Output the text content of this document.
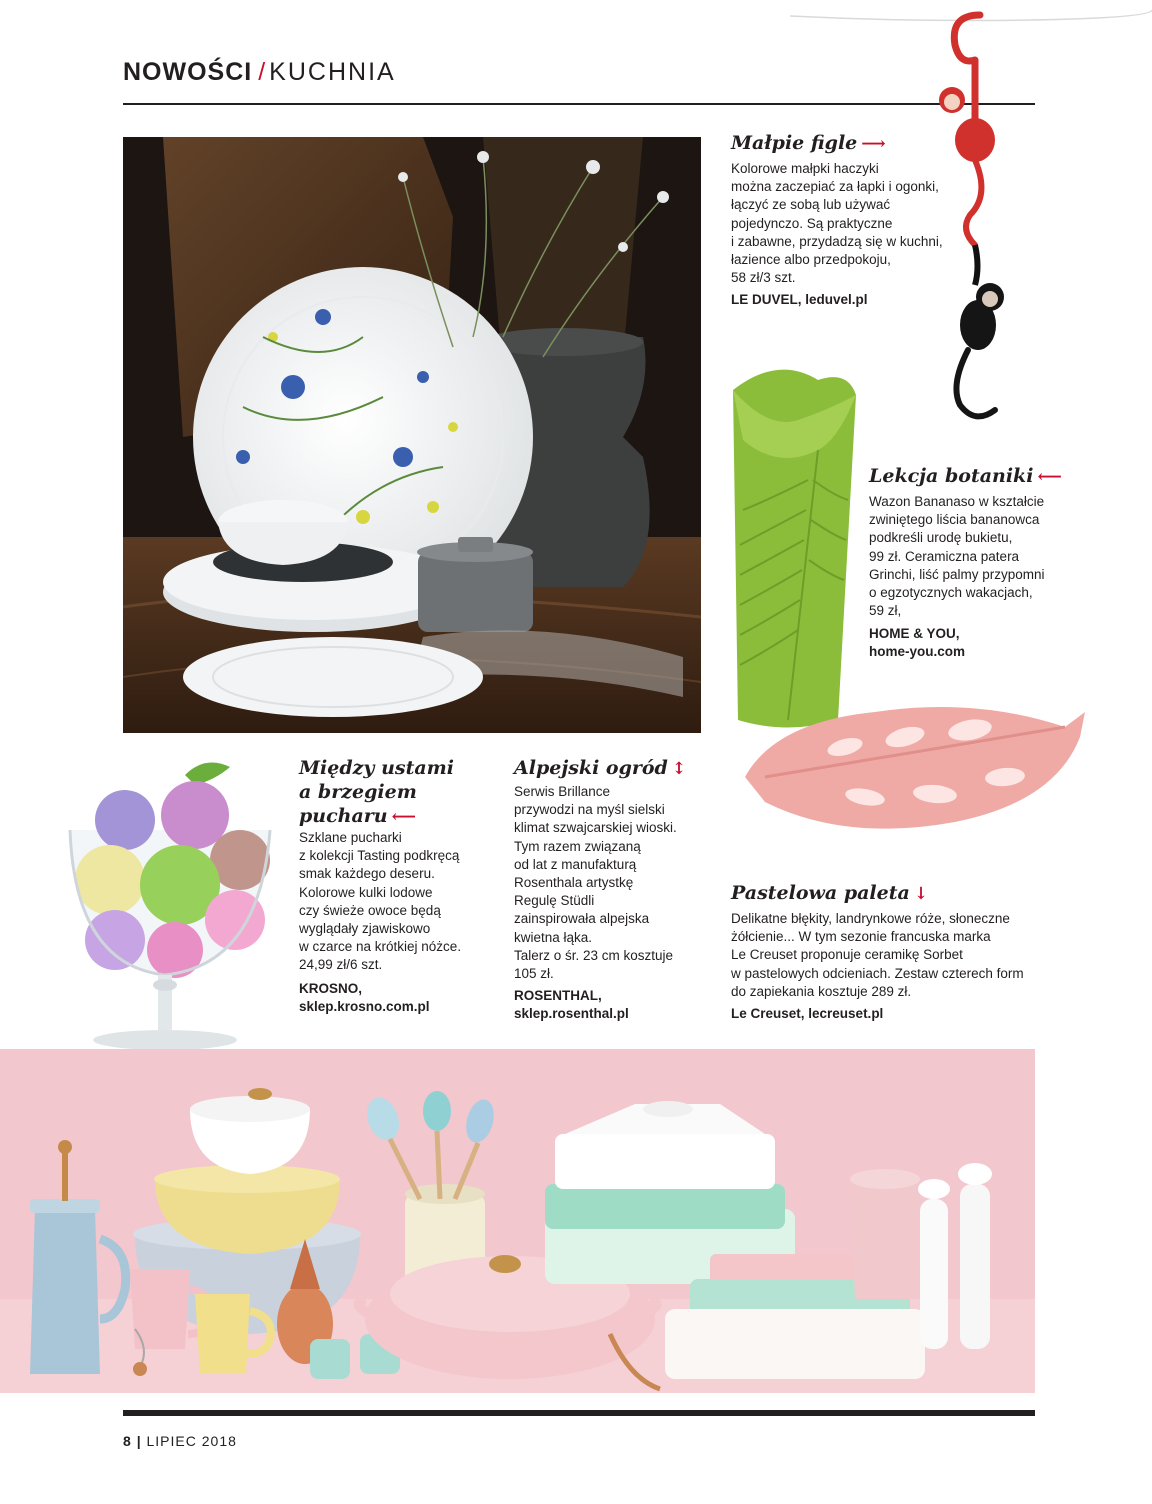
NOWOŚCI / KUCHNIA
Małpie figle ⟶
Kolorowe małpki haczyki
można zaczepiać za łapki i ogonki,
łączyć ze sobą lub używać
pojedynczo. Są praktyczne
i zabawne, przydadzą się w kuchni,
łazience albo przedpokoju,
58 zł/3 szt.
LE DUVEL, leduvel.pl
Lekcja botaniki ⟵
Wazon Bananaso w kształcie
zwiniętego liścia bananowca
podkreśli urodę bukietu,
99 zł. Ceramiczna patera
Grinchi, liść palmy przypomni
o egzotycznych wakacjach,
59 zł,
HOME & YOU,
home-you.com
Między ustami
a brzegiem
pucharu ⟵
Szklane pucharki
z kolekcji Tasting podkręcą
smak każdego deseru.
Kolorowe kulki lodowe
czy świeże owoce będą
wyglądały zjawiskowo
w czarce na krótkiej nóżce.
24,99 zł/6 szt.
KROSNO,
sklep.krosno.com.pl
Alpejski ogród ↕
Serwis Brillance
przywodzi na myśl sielski
klimat szwajcarskiej wioski.
Tym razem związaną
od lat z manufakturą
Rosenthala artystkę
Regulę Stüdli
zainspirowała alpejska
kwietna łąka.
Talerz o śr. 23 cm kosztuje
105 zł.
ROSENTHAL,
sklep.rosenthal.pl
Pastelowa paleta ↓
Delikatne błękity, landrynkowe róże, słoneczne
żółcienie... W tym sezonie francuska marka
Le Creuset proponuje ceramikę Sorbet
w pastelowych odcieniach. Zestaw czterech form
do zapiekania kosztuje 289 zł.
Le Creuset, lecreuset.pl
8 | LIPIEC 2018
